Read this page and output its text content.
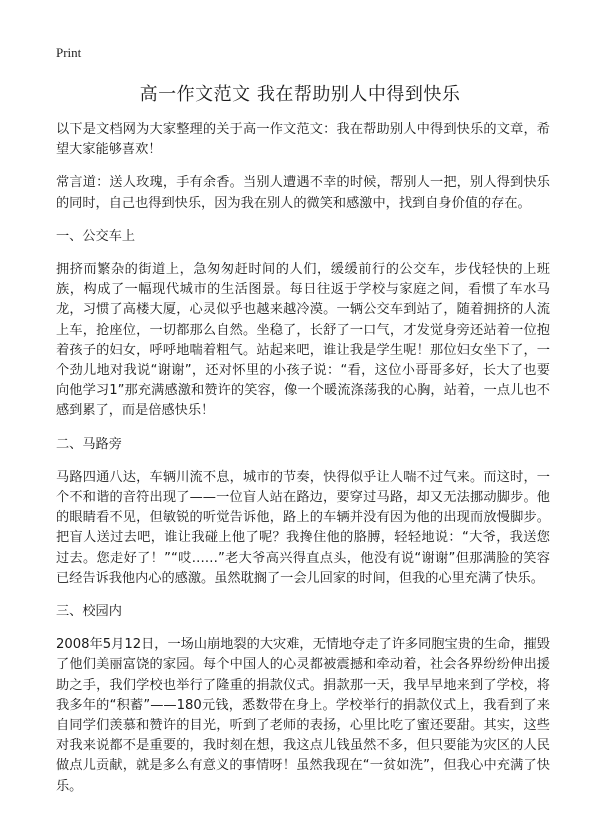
Print
高一作文范文 我在帮助别人中得到快乐

以下是文档网为大家整理的关于高一作文范文：我在帮助别人中得到快乐的文章，希望大家能够喜欢！

常言道：送人玫瑰，手有余香。当别人遭遇不幸的时候，帮别人一把，别人得到快乐的同时，自己也得到快乐，因为我在别人的微笑和感激中，找到自身价值的存在。

一、公交车上

拥挤而繁杂的街道上，急匆匆赶时间的人们，缓缓前行的公交车，步伐轻快的上班族，构成了一幅现代城市的生活图景。每日往返于学校与家庭之间，看惯了车水马龙，习惯了高楼大厦，心灵似乎也越来越冷漠。一辆公交车到站了，随着拥挤的人流上车，抢座位，一切都那么自然。坐稳了，长舒了一口气，才发觉身旁还站着一位抱着孩子的妇女，呼呼地喘着粗气。站起来吧，谁让我是学生呢！那位妇女坐下了，一个劲儿地对我说“谢谢”，还对怀里的小孩子说：“看，这位小哥哥多好，长大了也要向他学习1”那充满感激和赞许的笑容，像一个暖流涤荡我的心胸，站着，一点儿也不感到累了，而是倍感快乐！

二、马路旁

马路四通八达，车辆川流不息，城市的节奏，快得似乎让人喘不过气来。而这时，一个不和谐的音符出现了——一位盲人站在路边，要穿过马路，却又无法挪动脚步。他的眼睛看不见，但敏锐的听觉告诉他，路上的车辆并没有因为他的出现而放慢脚步。把盲人送过去吧，谁让我碰上他了呢？我搀住他的胳膊，轻轻地说：“大爷，我送您过去。您走好了！”“哎……”老大爷高兴得直点头，他没有说“谢谢”但那满脸的笑容已经告诉我他内心的感激。虽然耽搁了一会儿回家的时间，但我的心里充满了快乐。

三、校园内

2008年5月12日，一场山崩地裂的大灾难，无情地夺走了许多同胞宝贵的生命，摧毁了他们美丽富饶的家园。每个中国人的心灵都被震撼和牵动着，社会各界纷纷伸出援助之手，我们学校也举行了隆重的捐款仪式。捐款那一天，我早早地来到了学校，将我多年的“积蓄”——180元钱，悉数带在身上。学校举行的捐款仪式上，我看到了来自同学们羡慕和赞许的目光，听到了老师的表扬，心里比吃了蜜还要甜。其实，这些对我来说都不是重要的，我时刻在想，我这点儿钱虽然不多，但只要能为灾区的人民做点儿贡献，就是多么有意义的事情呀！虽然我现在“一贫如洗”，但我心中充满了快乐。
